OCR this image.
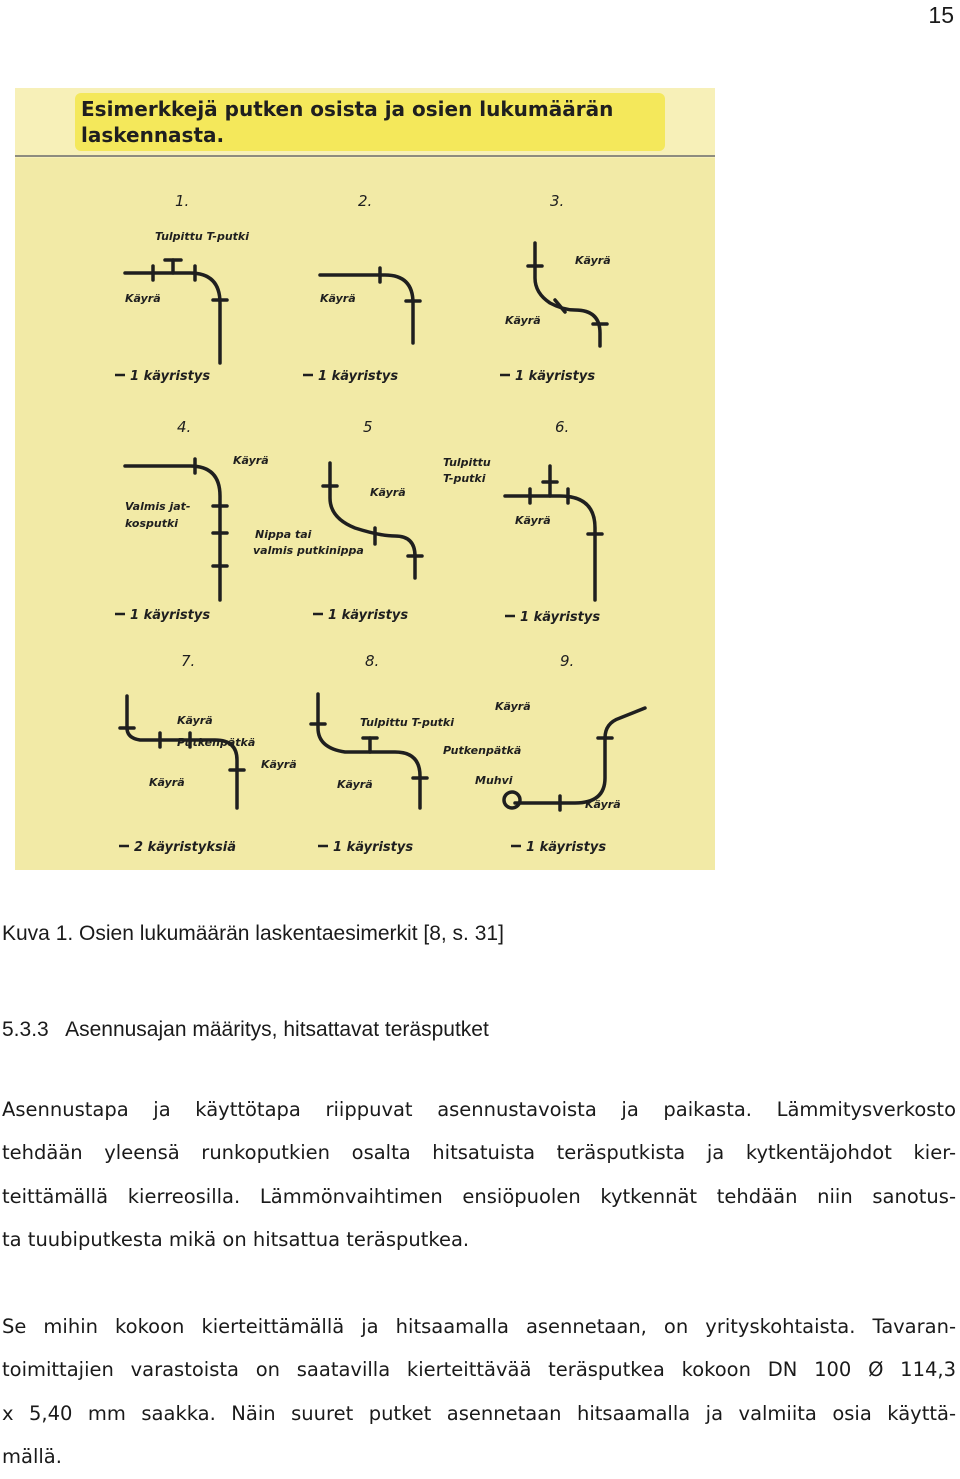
15
Esimerkkejä putken osista ja osien lukumäärän
laskennasta.
1.	2.	3.
4.	5	6.
7.	8.	9.
Tulpittu T-putki
Käyrä	Käyrä
Käyrä
Käyrä
Käyrä
Valmis jat-
kosputki
Käyrä
Nippa tai
valmis putkinippa
Tulpittu
T-putki
Käyrä
Käyrä
Putkenpätkä
Käyrä
Käyrä
Tulpittu T-putki
Käyrä
Käyrä
Putkenpätkä
Muhvi
Käyrä
1 käyristys	1 käyristys	1 käyristys
1 käyristys	1 käyristys	1 käyristys
2 käyristyksiä	1 käyristys	1 käyristys
Kuva 1. Osien lukumäärän laskentaesimerkit [8, s. 31]
5.3.3 Asennusajan määritys, hitsattavat teräsputket
Asennustapa ja käyttötapa riippuvat asennustavoista ja paikasta. Lämmitysverkosto
tehdään yleensä runkoputkien osalta hitsatuista teräsputkista ja kytkentäjohdot kier-
teittämällä kierreosilla. Lämmönvaihtimen ensiöpuolen kytkennät tehdään niin sanotus-
ta tuubiputkesta mikä on hitsattua teräsputkea.
Se mihin kokoon kierteittämällä ja hitsaamalla asennetaan, on yrityskohtaista. Tavaran-
toimittajien varastoista on saatavilla kierteittävää teräsputkea kokoon DN 100 Ø 114,3
x 5,40 mm saakka. Näin suuret putket asennetaan hitsaamalla ja valmiita osia käyttä-
mällä.
